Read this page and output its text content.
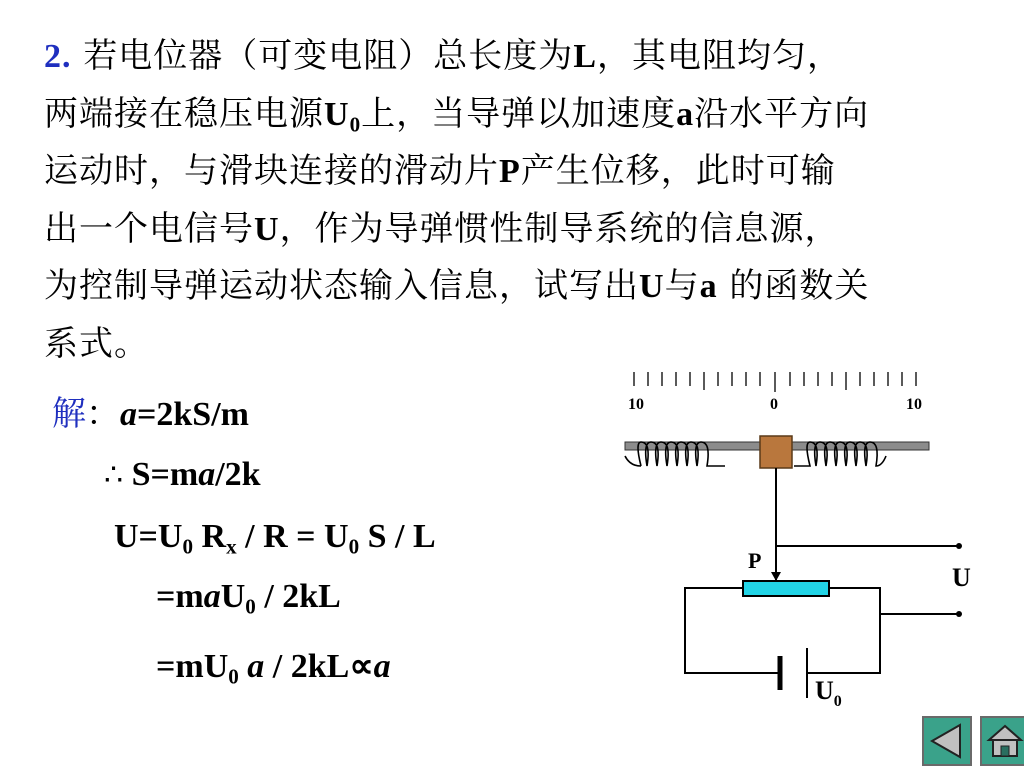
2. 若电位器（可变电阻）总长度为L，其电阻均匀，
两端接在稳压电源$U_0$上，当导弹以加速度a沿水平方向
运动时，与滑块连接的滑动片P产生位移，此时可输
出一个电信号U，作为导弹惯性制导系统的信息源，
为控制导弹运动状态输入信息，试写出U与a 的函数关
系式。
解：a=2kS/m
∴ S=ma/2k
$U=U_0$ $R_x / R = U_0$ S / L
=maU$_0$ / 2kL
$=mU_0$ a / 2kL∝a
10	0	10
P
U
$U_0$
